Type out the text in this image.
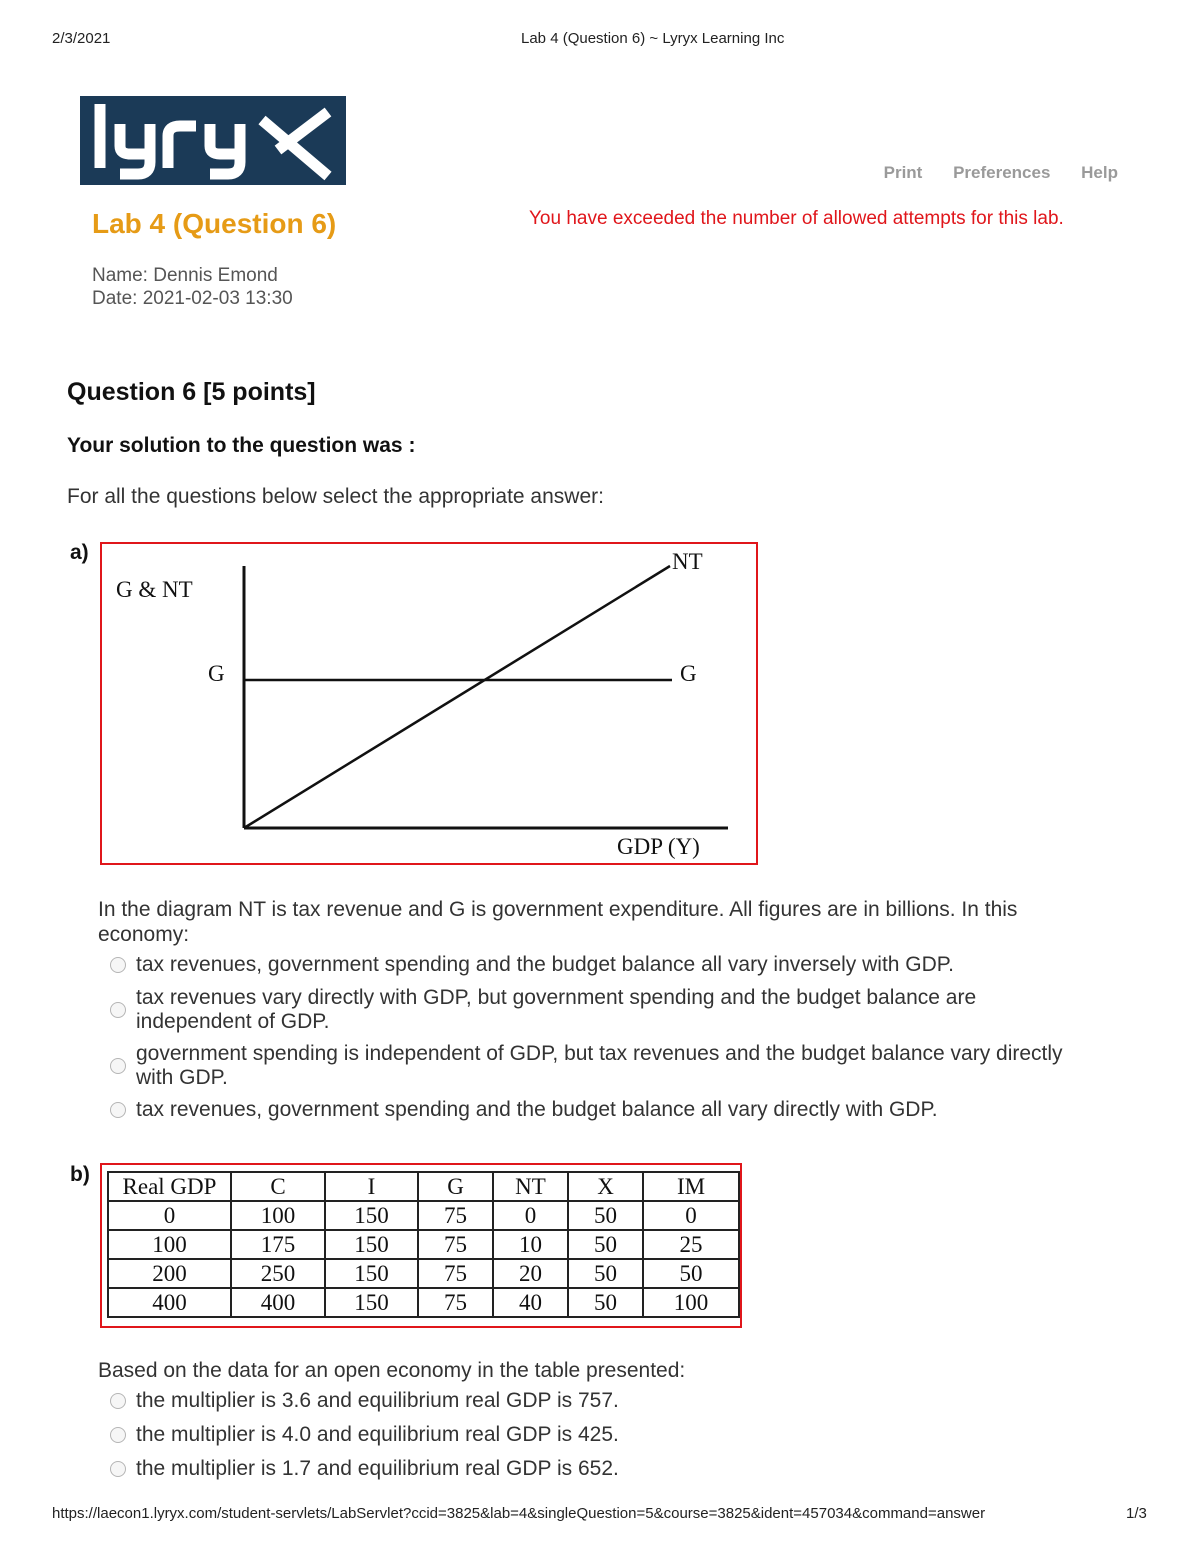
2/3/2021	Lab 4 (Question 6) ~ Lyryx Learning Inc
lyryx
Print Preferences Help
Lab 4 (Question 6)	You have exceeded the number of allowed attempts for this lab.
Name: Dennis Emond
Date: 2021-02-03 13:30
Question 6 [5 points]
Your solution to the question was :
For all the questions below select the appropriate answer:
a)
G & NT
G	G
NT
GDP (Y)
In the diagram NT is tax revenue and G is government expenditure. All figures are in billions. In this economy:
tax revenues, government spending and the budget balance all vary inversely with GDP.
tax revenues vary directly with GDP, but government spending and the budget balance are independent of GDP.
government spending is independent of GDP, but tax revenues and the budget balance vary directly with GDP.
tax revenues, government spending and the budget balance all vary directly with GDP.
b) Real GDP	C	I	G	NT	X	IM
0	100	150	75	0	50	0
100	175	150	75	10	50	25
200	250	150	75	20	50	50
400	400	150	75	40	50	100
Based on the data for an open economy in the table presented:
the multiplier is 3.6 and equilibrium real GDP is 757.
the multiplier is 4.0 and equilibrium real GDP is 425.
the multiplier is 1.7 and equilibrium real GDP is 652.
https://laecon1.lyryx.com/student-servlets/LabServlet?ccid=3825&lab=4&singleQuestion=5&course=3825&ident=457034&command=answer	1/3
